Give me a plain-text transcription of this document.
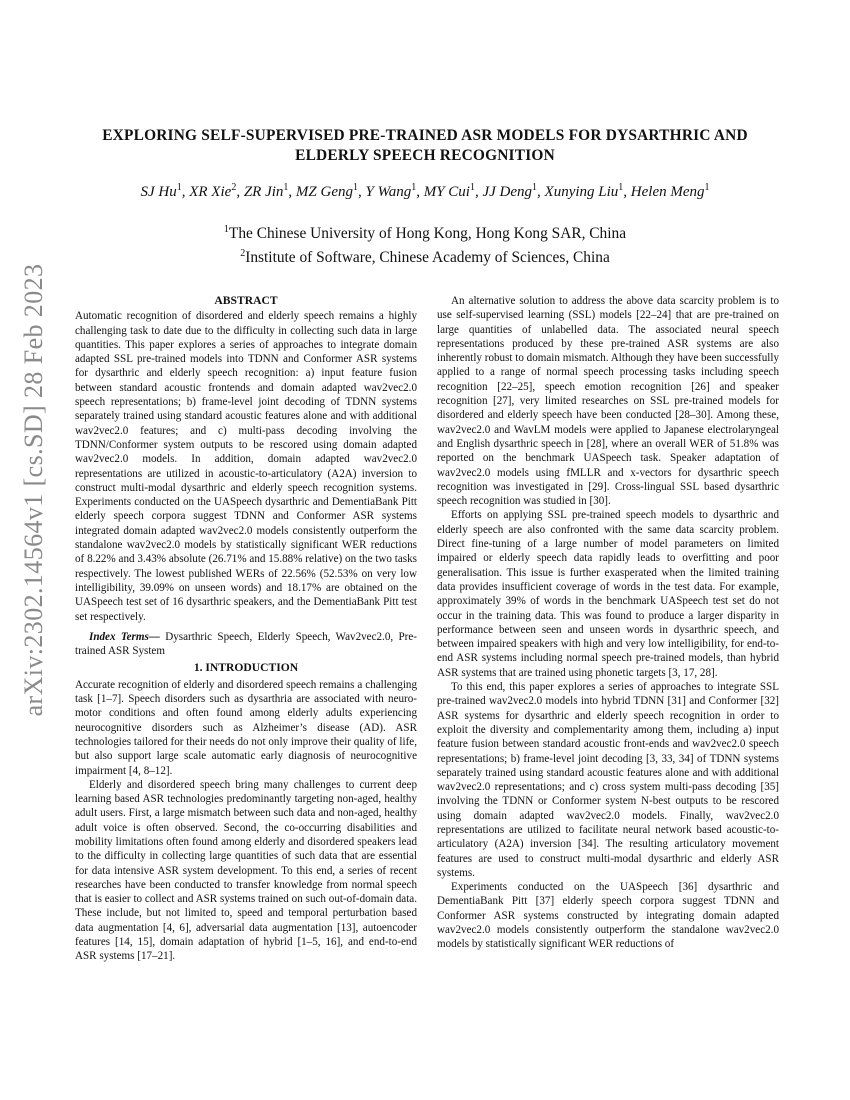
arXiv:2302.14564v1 [cs.SD] 28 Feb 2023
EXPLORING SELF-SUPERVISED PRE-TRAINED ASR MODELS FOR DYSARTHRIC AND
ELDERLY SPEECH RECOGNITION
SJ Hu$^1$, XR Xie$^2$, ZR Jin$^1$, MZ Geng$^1$, Y Wang$^1$, MY Cui$^1$, JJ Deng$^1$, Xunying Liu$^1$, Helen Meng$^1$
$^1$The Chinese University of Hong Kong, Hong Kong SAR, China
$^2$Institute of Software, Chinese Academy of Sciences, China
ABSTRACT

Automatic recognition of disordered and elderly speech remains a highly challenging task to date due to the difficulty in collecting such data in large quantities. This paper explores a series of approaches to integrate domain adapted SSL pre-trained models into TDNN and Conformer ASR systems for dysarthric and elderly speech recognition: a) input feature fusion between standard acoustic frontends and domain adapted wav2vec2.0 speech representations; b) frame-level joint decoding of TDNN systems separately trained using standard acoustic features alone and with additional wav2vec2.0 features; and c) multi-pass decoding involving the TDNN/Conformer system outputs to be rescored using domain adapted wav2vec2.0 models. In addition, domain adapted wav2vec2.0 representations are utilized in acoustic-to-articulatory (A2A) inversion to construct multi-modal dysarthric and elderly speech recognition systems. Experiments conducted on the UASpeech dysarthric and DementiaBank Pitt elderly speech corpora suggest TDNN and Conformer ASR systems integrated domain adapted wav2vec2.0 models consistently outperform the standalone wav2vec2.0 models by statistically significant WER reductions of 8.22% and 3.43% absolute (26.71% and 15.88% relative) on the two tasks respectively. The lowest published WERs of 22.56% (52.53% on very low intelligibility, 39.09% on unseen words) and 18.17% are obtained on the UASpeech test set of 16 dysarthric speakers, and the DementiaBank Pitt test set respectively.

Index Terms— Dysarthric Speech, Elderly Speech, Wav2vec2.0, Pre-trained ASR System

1. INTRODUCTION

Accurate recognition of elderly and disordered speech remains a challenging task [1–7]. Speech disorders such as dysarthria are associated with neuro-motor conditions and often found among elderly adults experiencing neurocognitive disorders such as Alzheimer’s disease (AD). ASR technologies tailored for their needs do not only improve their quality of life, but also support large scale automatic early diagnosis of neurocognitive impairment [4, 8–12].

Elderly and disordered speech bring many challenges to current deep learning based ASR technologies predominantly targeting non-aged, healthy adult users. First, a large mismatch between such data and non-aged, healthy adult voice is often observed. Second, the co-occurring disabilities and mobility limitations often found among elderly and disordered speakers lead to the difficulty in collecting large quantities of such data that are essential for data intensive ASR system development. To this end, a series of recent researches have been conducted to transfer knowledge from normal speech that is easier to collect and ASR systems trained on such out-of-domain data. These include, but not limited to, speed and temporal perturbation based data augmentation [4, 6], adversarial data augmentation [13], autoencoder features [14, 15], domain adaptation of hybrid [1–5, 16], and end-to-end ASR systems [17–21].

An alternative solution to address the above data scarcity problem is to use self-supervised learning (SSL) models [22–24] that are pre-trained on large quantities of unlabelled data. The associated neural speech representations produced by these pre-trained ASR systems are also inherently robust to domain mismatch. Although they have been successfully applied to a range of normal speech processing tasks including speech recognition [22–25], speech emotion recognition [26] and speaker recognition [27], very limited researches on SSL pre-trained models for disordered and elderly speech have been conducted [28–30]. Among these, wav2vec2.0 and WavLM models were applied to Japanese electrolaryngeal and English dysarthric speech in [28], where an overall WER of 51.8% was reported on the benchmark UASpeech task. Speaker adaptation of wav2vec2.0 models using fMLLR and x-vectors for dysarthric speech recognition was investigated in [29]. Cross-lingual SSL based dysarthric speech recognition was studied in [30].

Efforts on applying SSL pre-trained speech models to dysarthric and elderly speech are also confronted with the same data scarcity problem. Direct fine-tuning of a large number of model parameters on limited impaired or elderly speech data rapidly leads to overfitting and poor generalisation. This issue is further exasperated when the limited training data provides insufficient coverage of words in the test data. For example, approximately 39% of words in the benchmark UASpeech test set do not occur in the training data. This was found to produce a larger disparity in performance between seen and unseen words in dysarthric speech, and between impaired speakers with high and very low intelligibility, for end-to-end ASR systems including normal speech pre-trained models, than hybrid ASR systems that are trained using phonetic targets [3, 17, 28].

To this end, this paper explores a series of approaches to integrate SSL pre-trained wav2vec2.0 models into hybrid TDNN [31] and Conformer [32] ASR systems for dysarthric and elderly speech recognition in order to exploit the diversity and complementarity among them, including a) input feature fusion between standard acoustic front-ends and wav2vec2.0 speech representations; b) frame-level joint decoding [3, 33, 34] of TDNN systems separately trained using standard acoustic features alone and with additional wav2vec2.0 representations; and c) cross system multi-pass decoding [35] involving the TDNN or Conformer system N-best outputs to be rescored using domain adapted wav2vec2.0 models. Finally, wav2vec2.0 representations are utilized to facilitate neural network based acoustic-to-articulatory (A2A) inversion [34]. The resulting articulatory movement features are used to construct multi-modal dysarthric and elderly ASR systems.

Experiments conducted on the UASpeech [36] dysarthric and DementiaBank Pitt [37] elderly speech corpora suggest TDNN and Conformer ASR systems constructed by integrating domain adapted wav2vec2.0 models consistently outperform the standalone wav2vec2.0 models by statistically significant WER reductions of
